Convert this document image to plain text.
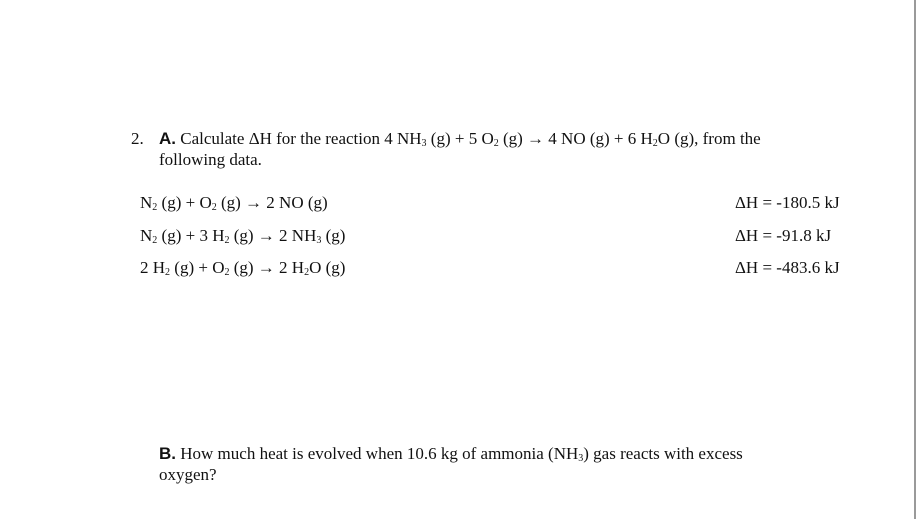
2. A. Calculate ΔH for the reaction 4 $NH_3$ (g) + 5 $O_2$ (g) → 4 NO (g) + 6 $H_2O$ (g), from the
following data.
$N_2$ $(g) + O_2$ (g) → 2 NO (g)	ΔH = -180.5 kJ
$N_2$ (g) + 3 $H_2$ (g) → 2 $NH_3$ (g)	ΔH = -91.8 kJ
2 $H_2$ $(g) + O_2$ (g) → 2 $H_2O$ (g)	ΔH = -483.6 kJ
B. How much heat is evolved when 10.6 kg of ammonia $(NH_3)$ gas reacts with excess
oxygen?
